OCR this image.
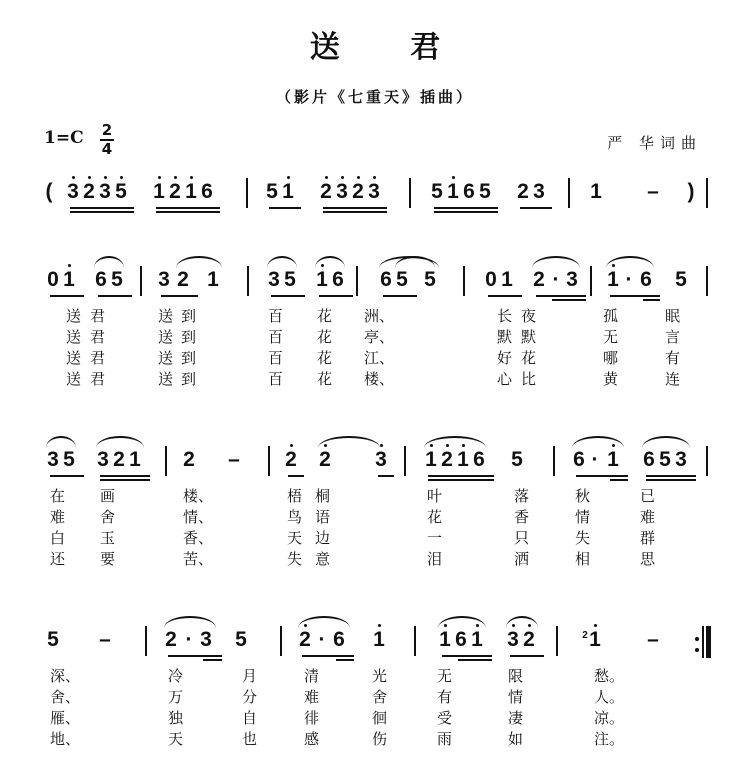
送 君
（影片《七重天》插曲）
1=C 2
4	严 华词曲
( 3 2 3 5 1 2 1 6	5 1 2 3 2 3 5 1 6 5 2 3 1 – )
0 1 6 5 3 2 1 3 5 1 6 6 5 5 0 1 2 · 3 1 · 6 5
送 君	送 到	百 花 洲、	长 夜	孤	眠
送 君	送 到	百 花 亭、	默 默	无	言
送 君	送 到	百 花 江、	好 花	哪	有
送 君	送 到	百 花 楼、	心 比	黄	连
3 5 3 2 1 2 – 2 2 3 1 2 1 6 5 6 · 1 6 5 3
在 画	楼、	梧 桐	叶	落	秋	已
难 舍	情、	鸟 语	花	香	情	难
白 玉	香、	天 边	一	只	失	群
还 要	苦、	失 意	泪	洒	相	思
5 –	2 · 3 5 2 · 6 1	1 6 1 3 2	1 –
2
深、	冷	月	清	光	无	限	愁。
舍、	万	分	难	舍	有	情	人。
雁、	独	自	徘	徊	受	凄	凉。
地、	天	也	感	伤	雨	如	注。
